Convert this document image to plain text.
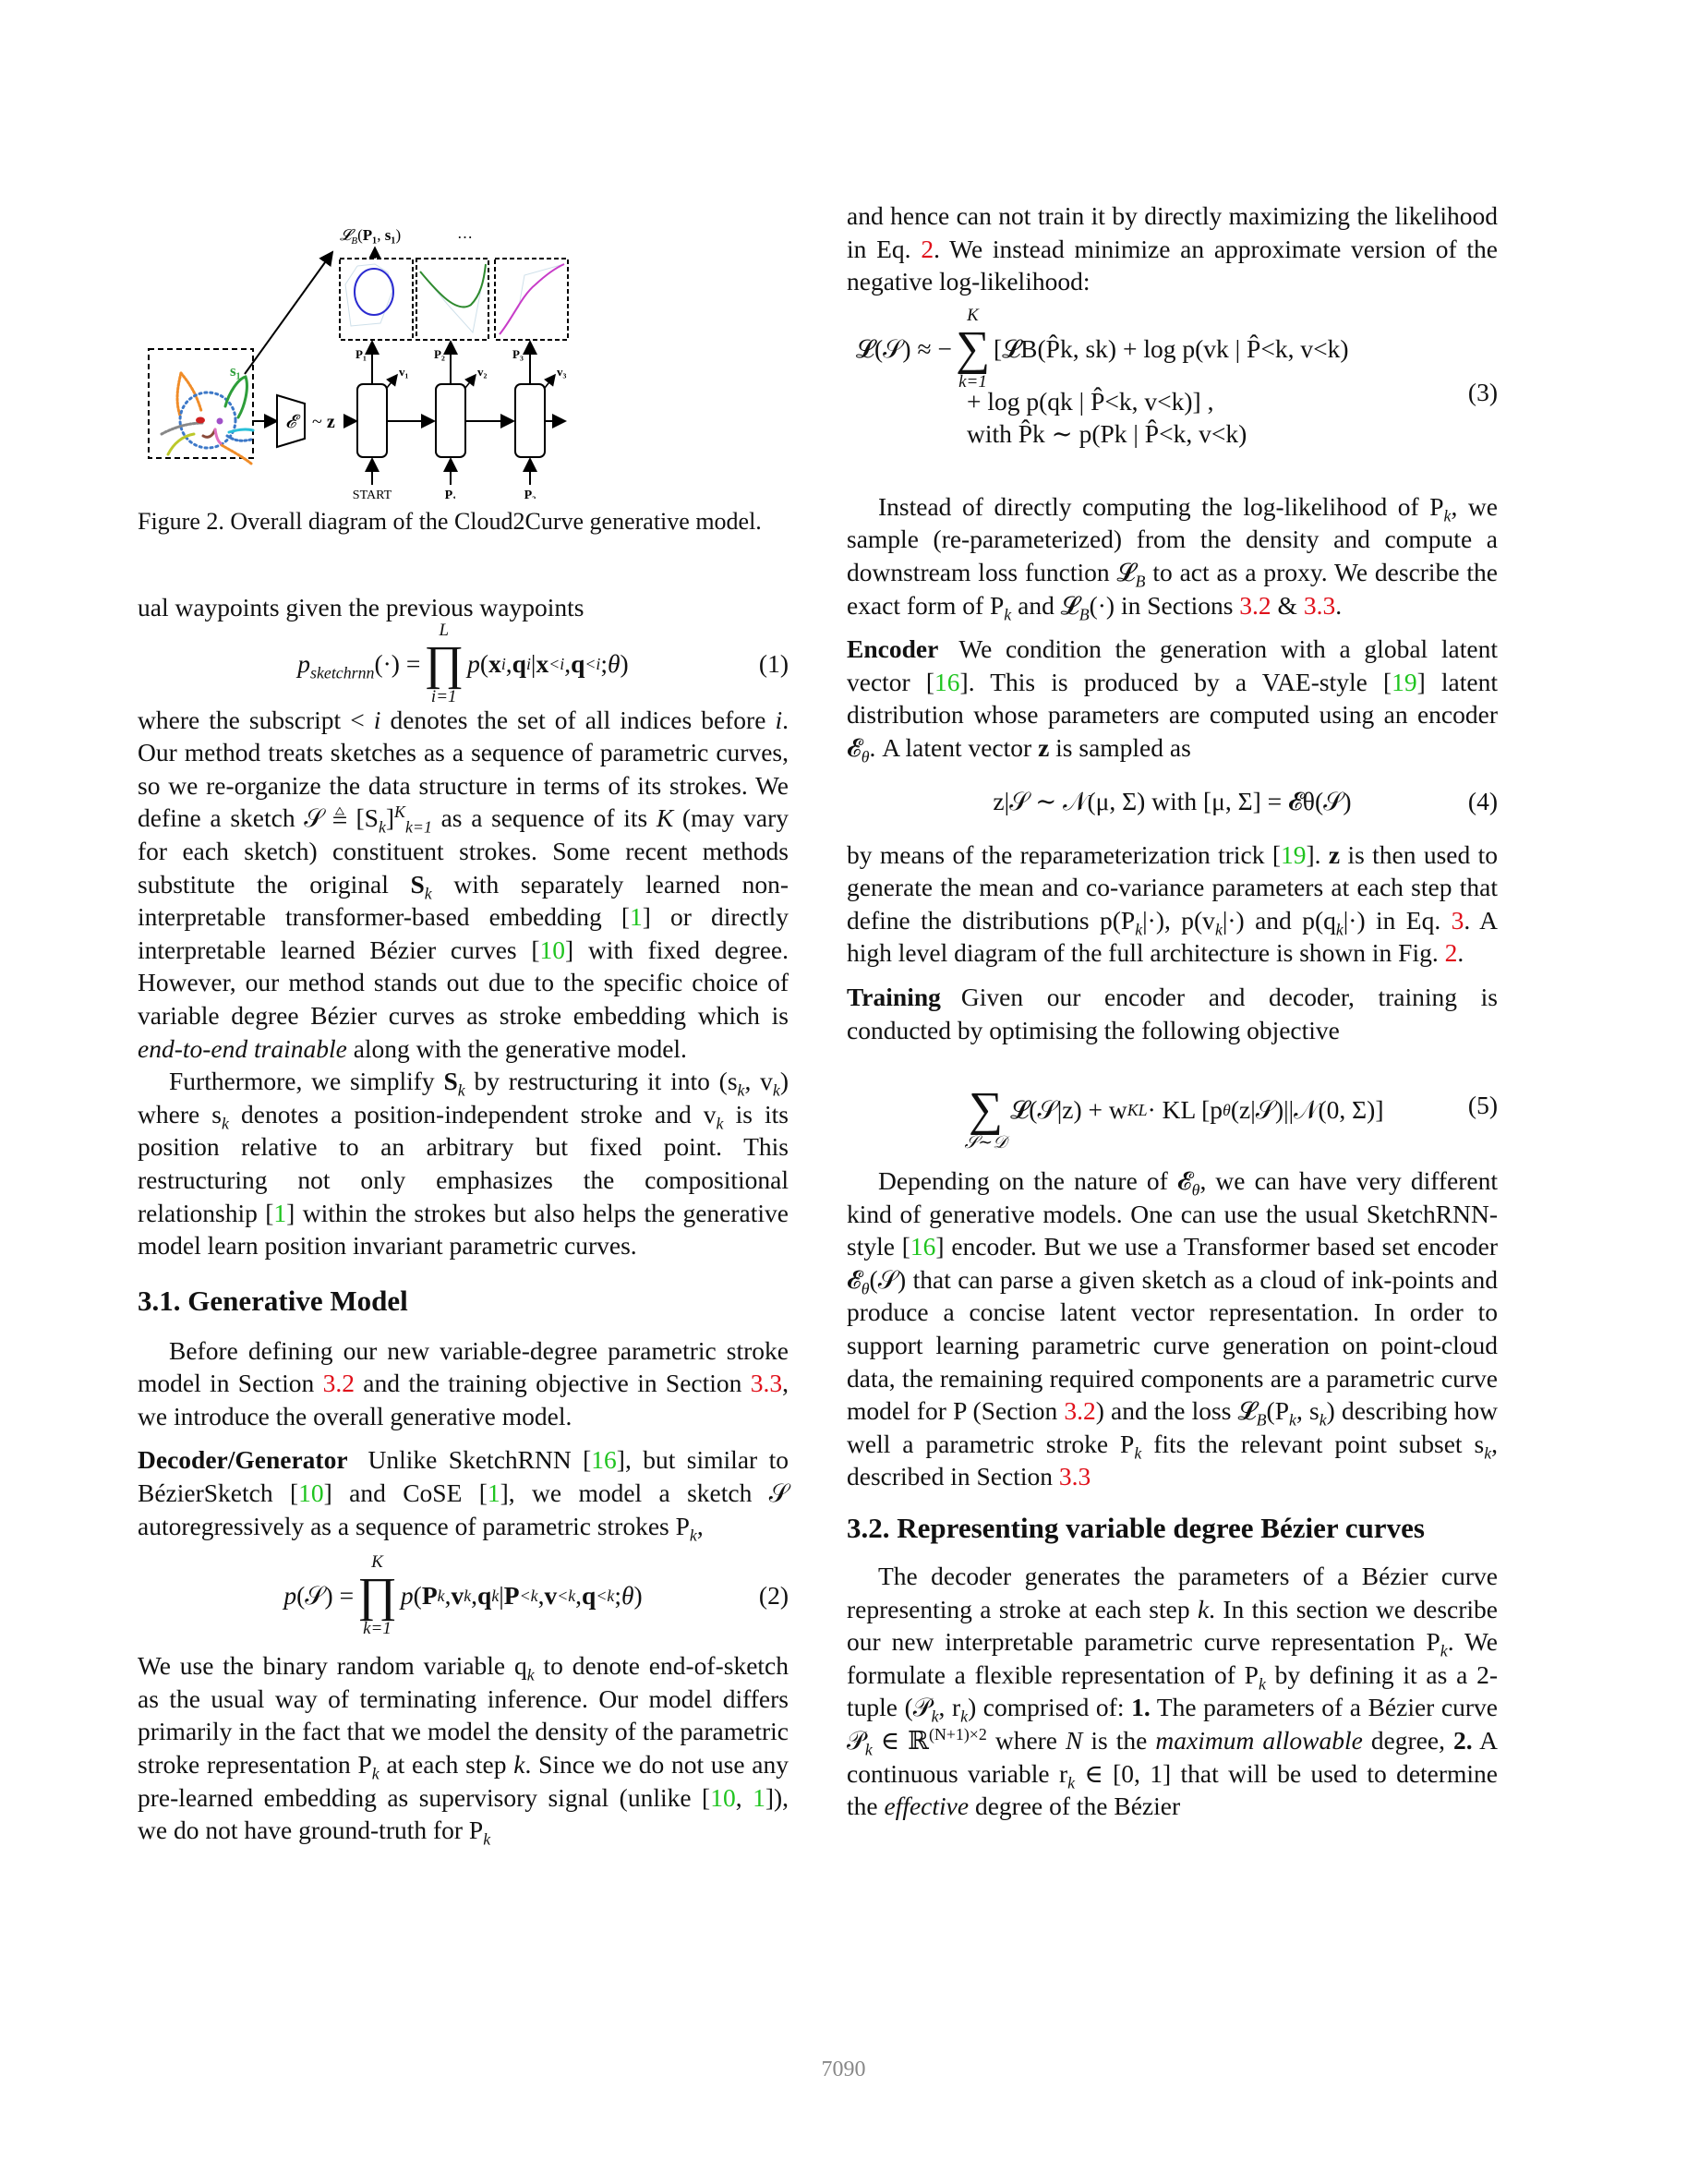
s₁
𝓔 ~ z
START	P₁	P₂
P₁	P₂	P₃
v₁	v₂	v₃
𝓛$_B$(P₁, s₁)	…
Figure 2. Overall diagram of the Cloud2Curve generative model.

ual waypoints given the previous waypoints

$p_{sketchrnn}$ (·) =
L
∏
i=1
p ( x i , q i | x <i , q <i ; θ )	(1)

where the subscript < i denotes the set of all indices before i. Our method treats sketches as a sequence of parametric curves, so we re-organize the data structure in terms of its strokes. We define a sketch 𝒮 ≜ $[S_k]^K_{k=1}$ as a sequence of its K (may vary for each sketch) constituent strokes. Some recent methods substitute the original $S_k$ with separately learned non-interpretable transformer-based embedding [1] or directly interpretable learned Bézier curves [10] with fixed degree. However, our method stands out due to the specific choice of variable degree Bézier curves as stroke embedding which is end-to-end trainable along with the generative model.

Furthermore, we simplify $S_k$ by restructuring it into ($s_k$, $v_k$) where $s_k$ denotes a position-independent stroke and $v_k$ is its position relative to an arbitrary but fixed point. This restructuring not only emphasizes the compositional relationship [1] within the strokes but also helps the generative model learn position invariant parametric curves.

3.1. Generative Model

Before defining our new variable-degree parametric stroke model in Section 3.2 and the training objective in Section 3.3, we introduce the overall generative model.

Decoder/Generator Unlike SketchRNN [16], but similar to BézierSketch [10] and CoSE [1], we model a sketch 𝒮 autoregressively as a sequence of parametric strokes $P_k$,

p (𝒮) =
K
∏
k=1
p ( P k , v k , q k | P <k , v <k , q <k ; θ )	(2)

We use the binary random variable $q_k$ to denote end-of-sketch as the usual way of terminating inference. Our model differs primarily in the fact that we model the density of the parametric stroke representation $P_k$ at each step k. Since we do not use any pre-learned embedding as supervisory signal (unlike [10, 1]), we do not have ground-truth for $P_k$

and hence can not train it by directly maximizing the likelihood in Eq. 2. We instead minimize an approximate version of the negative log-likelihood:

𝓛(𝒮) ≈ −
K
∑
k=1
[𝓛B(P̂k, sk) + log p(vk | P̂<k, v<k)
+ log p(qk | P̂<k, v<k)] ,
with P̂k ∼ p(Pk | P̂<k, v<k)
(3)

Instead of directly computing the log-likelihood of $P_k$, we sample (re-parameterized) from the density and compute a downstream loss function 𝓛$_B$ to act as a proxy. We describe the exact form of $P_k$ and 𝓛$_B$(·) in Sections 3.2 & 3.3.

Encoder We condition the generation with a global latent vector [16]. This is produced by a VAE-style [19] latent distribution whose parameters are computed using an encoder 𝓔$_\theta$. A latent vector z is sampled as

z|𝒮 ∼ 𝒩(μ, Σ) with [μ, Σ] = 𝓔θ(𝒮)	(4)

by means of the reparameterization trick [19]. z is then used to generate the mean and co-variance parameters at each step that define the distributions $p(P_k|\cdot)$, $p(v_k|\cdot)$ and $p(q_k|\cdot)$ in Eq. 3. A high level diagram of the full architecture is shown in Fig. 2.

Training Given our encoder and decoder, training is conducted by optimising the following objective

∑
𝒮∼𝒟
𝓛(𝒮|z) + w KL · KL [p θ (z|𝒮)||𝒩(0, Σ)]	(5)

Depending on the nature of 𝓔$_\theta$, we can have very different kind of generative models. One can use the usual SketchRNN-style [16] encoder. But we use a Transformer based set encoder 𝓔$_\theta$(𝒮) that can parse a given sketch as a cloud of ink-points and produce a concise latent vector representation. In order to support learning parametric curve generation on point-cloud data, the remaining required components are a parametric curve model for P (Section 3.2) and the loss $𝓛_B(P_k$, $s_k$) describing how well a parametric stroke $P_k$ fits the relevant point subset $s_k$, described in Section 3.3

3.2. Representing variable degree Bézier curves

The decoder generates the parameters of a Bézier curve representing a stroke at each step k. In this section we describe our new interpretable parametric curve representation $P_k$. We formulate a flexible representation of $P_k$ by defining it as a 2-tuple (𝒫$_k$, $r_k$) comprised of: 1. The parameters of a Bézier curve 𝒫$_k$ ∈ ℝ$^{(N+1)\times 2}$ where N is the maximum allowable degree, 2. A continuous variable $r_k$ ∈ [0, 1] that will be used to determine the effective degree of the Bézier

7090
